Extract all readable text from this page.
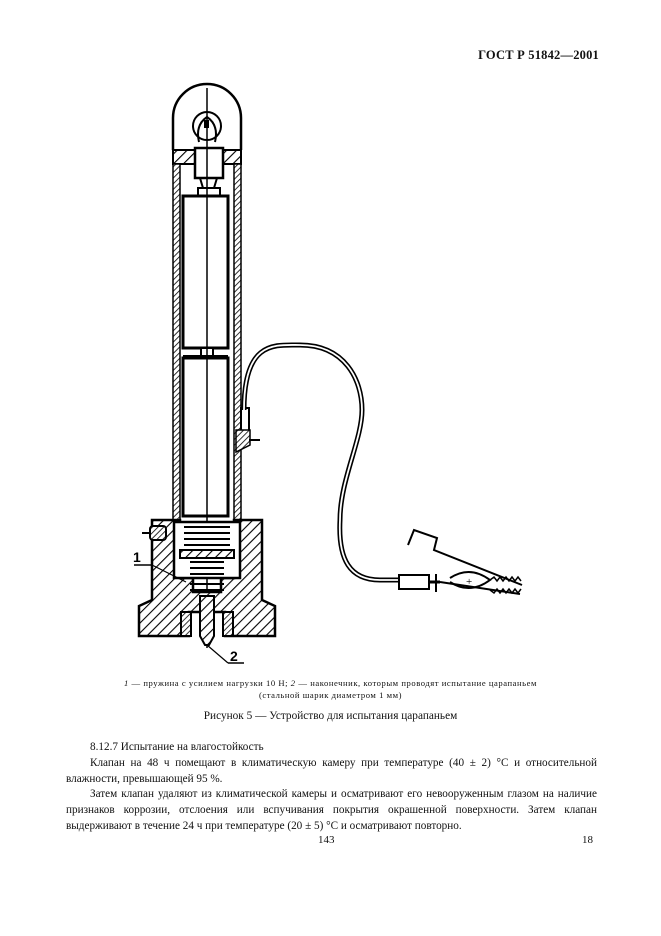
ГОСТ Р 51842—2001
+
1
2
1 — пружина с усилием нагрузки 10 Н; 2 — наконечник, которым проводят испытание царапаньем
(стальной шарик диаметром 1 мм)
Рисунок 5 — Устройство для испытания царапаньем

8.12.7 Испытание на влагостойкость

Клапан на 48 ч помещают в климатическую камеру при температуре (40 ± 2) °С и относительной влажности, превышающей 95 %.

Затем клапан удаляют из климатической камеры и осматривают его невооруженным глазом на наличие признаков коррозии, отслоения или вспучивания покрытия окрашенной поверхности. Затем клапан выдерживают в течение 24 ч при температуре (20 ± 5) °С и осматривают повторно.

143	18
